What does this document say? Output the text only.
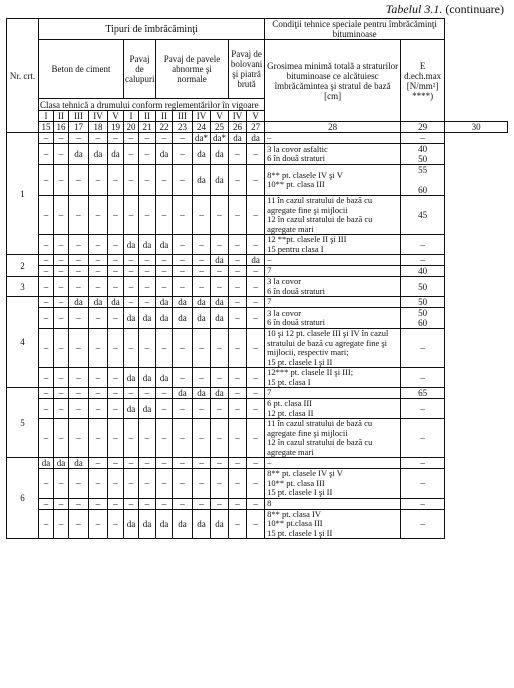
Tabelul 3.1. (continuare)
Nr. crt.	Tipuri de îmbrăcăminţi													Condiţii tehnice speciale pentru îmbrăcăminţi bituminoase		
	Beton de ciment					Pavaj de calupuri		Pavaj de pavele abnorme şi normale				Pavaj de bolovani şi piatră brută		Grosimea minimă totală a straturilor bituminoase ce alcătuiesc îmbrăcămintea şi stratul de bază [cm]	E d.ech.max [N/mm²] ****)	
	Clasa tehnică a drumului conform reglementărilor în vigoare															
	I	II	III	IV	V	I	II	II	III	IV	V	IV	V			
	15	16	17	18	19	20	21	22	23	24	25	26	27	28	29	30
1	–	–	–	–	–	–	–	–	–	da*	da*	da	da	–	–	
	–	–	da	da	da	–	–	da	–	da	da	–	–	3 la covor asfaltic
6 în două straturi	40
50	
	–	–	–	–	–	–	–	–	–	da	da	–	–	8** pt. clasele IV şi V
10** pt. clasa III	55

60	
	–	–	–	–	–	–	–	–	–	–	–	–	–	11 în cazul stratului de bază cu agregate fine şi mijlocii
12 în cazul stratului de bază cu agregate mari	45	
	–	–	–	–	–	da	da	da	–	–	–	–	–	12 **pt. clasele II şi III
15 pentru clasa I	–	
2	–	–	–	–	–	–	–	–	–	–	da	–	da	–	–	
	–	–	–	–	–	–	–	–	–	–	–	–	–	7	40	
3	–	–	–	–	–	–	–	–	–	–	–	–	–	3 la covor
6 în două straturi	50	
4	–	–	da	da	da	–	–	da	da	da	da	–	–	7	50	
	–	–	–	–	–	da	da	da	da	da	da	–	–	3 la covor
6 în două straturi	50
60	
	–	–	–	–	–	–	–	–	–	–	–	–	–	10 şi 12 pt. clasele III şi IV în cazul stratului de bază cu agregate fine şi mijlocii, respectiv mari;
15 pt. clasele I şi II	–	
	–	–	–	–	–	da	da	da	–	–	–	–	–	12*** pt. clasele II şi III;
15 pt. clasa I	–	
5	–	–	–	–	–	–	–	–	da	da	da	–	–	7	65	
	–	–	–	–	–	da	da	–	–	–	–	–	–	6 pt. clasa III
12 pt. clasa II	–	
	–	–	–	–	–	–	–	–	–	–	–	–	–	11 în cazul stratului de bază cu agregate fine şi mijlocii
12 în cazul stratului de bază cu agregate mari	–	
6	da	da	da	–	–	–	–	–	–	–	–	–	–	–	–	
	–	–	–	–	–	–	–	–	–	–	–	–	–	8** pt. clasele IV şi V
10** pt. clasa III
15 pt. clasele I şi II	–	
	–	–	–	–	–	–	–	–	–	–	–	–	–	8	–	
	–	–	–	–	–	da	da	da	da	da	da	–	–	8** pt. clasa IV
10** pt.clasa III
15 pt. clasele I şi II	–	
